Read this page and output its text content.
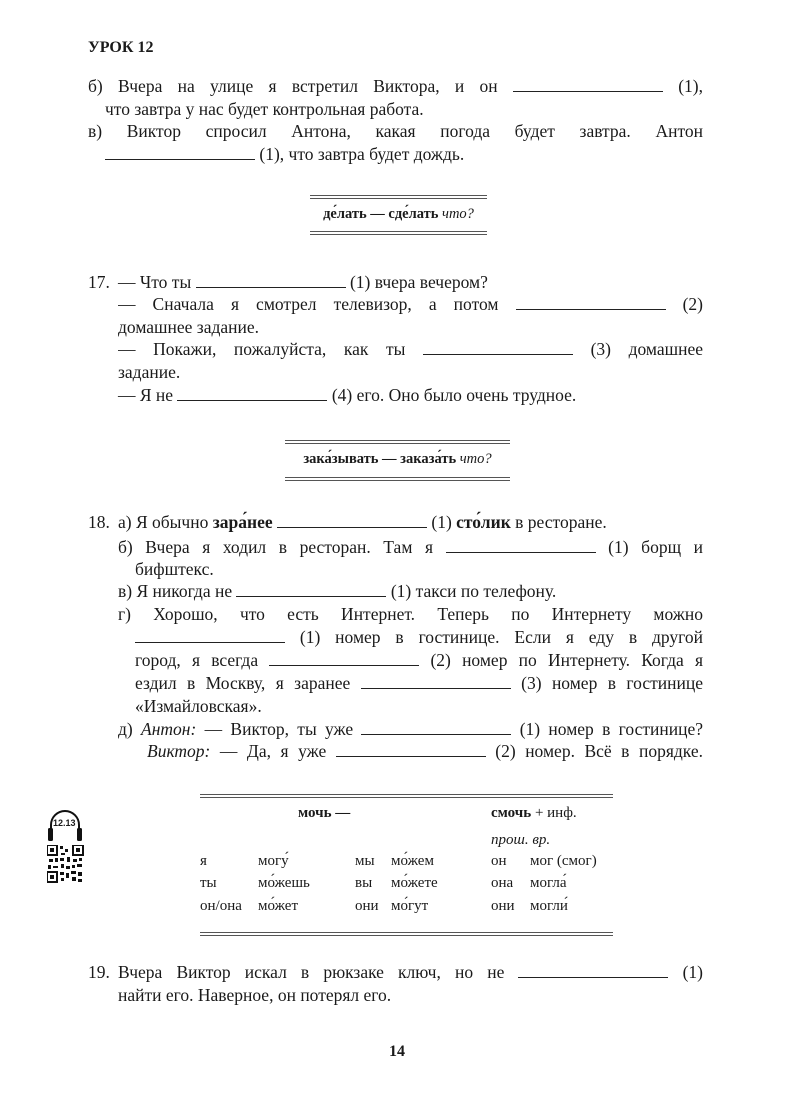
УРОК 12
б) Вчера на улице я встретил Виктора, и он	(1),
что завтра у нас будет контрольная работа.
в) Виктор спросил Антона, какая погода будет завтра. Антон
(1), что завтра будет дождь.
де́лать — сде́лать что?
17. — Что ты	(1) вчера вечером?
— Сначала я смотрел телевизор, а потом	(2)
домашнее задание.
— Покажи, пожалуйста, как ты	(3) домашнее
задание.
— Я не	(4) его. Оно было очень трудное.
зака́зывать — заказа́ть что?
18. а) Я обычно зара́нее	(1) сто́лик в ресторане.
б) Вчера я ходил в ресторан. Там я	(1) борщ и
бифштекс.
в) Я никогда не	(1) такси по телефону.
г) Хорошо, что есть Интернет. Теперь по Интернету можно
(1) номер в гостинице. Если я еду в другой
город, я всегда	(2) номер по Интернету. Когда я
ездил в Москву, я заранее	(3) номер в гостинице
«Измайловская».
д) Антон: — Виктор, ты уже	(1) номер в гостинице?
Виктор: — Да, я уже	(2) номер. Всё в порядке.
12.13
мочь —	смочь + инф.
прош. вр.
я	могу́	мы мо́жем	он мог (смог)
ты	мо́жешь	вы мо́жете	она могла́
он/она мо́жет	они мо́гут	они могли́
19. Вчера Виктор искал в рюкзаке ключ, но не	(1)
найти его. Наверное, он потерял его.
14
